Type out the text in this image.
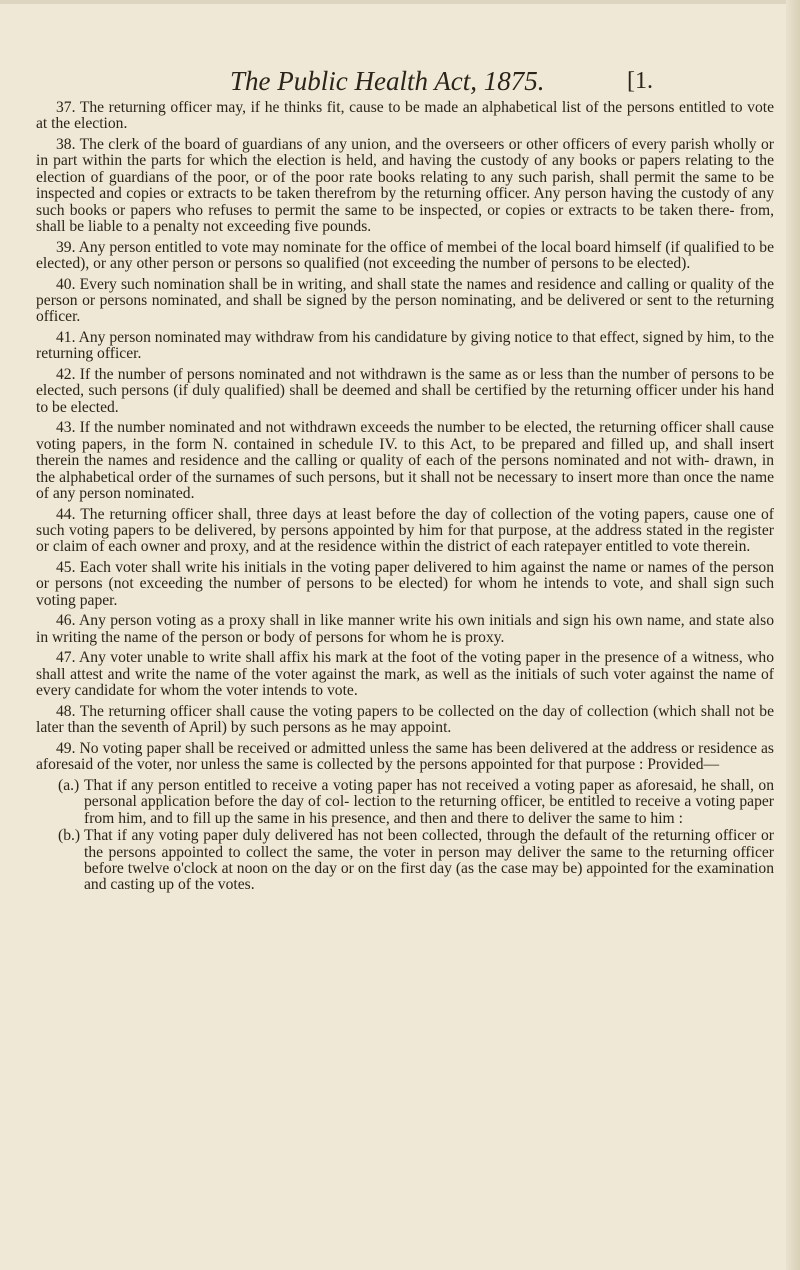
The Public Health Act, 1875.	[1.

37. The returning officer may, if he thinks fit, cause to be made an alphabetical list of the persons entitled to vote at the election.

38. The clerk of the board of guardians of any union, and the overseers or other officers of every parish wholly or in part within the parts for which the election is held, and having the custody of any books or papers relating to the election of guardians of the poor, or of the poor rate books relating to any such parish, shall permit the same to be inspected and copies or extracts to be taken therefrom by the returning officer. Any person having the custody of any such books or papers who refuses to permit the same to be inspected, or copies or extracts to be taken there- from, shall be liable to a penalty not exceeding five pounds.

39. Any person entitled to vote may nominate for the office of membei of the local board himself (if qualified to be elected), or any other person or persons so qualified (not exceeding the number of persons to be elected).

40. Every such nomination shall be in writing, and shall state the names and residence and calling or quality of the person or persons nominated, and shall be signed by the person nominating, and be delivered or sent to the returning officer.

41. Any person nominated may withdraw from his candidature by giving notice to that effect, signed by him, to the returning officer.

42. If the number of persons nominated and not withdrawn is the same as or less than the number of persons to be elected, such persons (if duly qualified) shall be deemed and shall be certified by the returning officer under his hand to be elected.

43. If the number nominated and not withdrawn exceeds the number to be elected, the returning officer shall cause voting papers, in the form N. contained in schedule IV. to this Act, to be prepared and filled up, and shall insert therein the names and residence and the calling or quality of each of the persons nominated and not with- drawn, in the alphabetical order of the surnames of such persons, but it shall not be necessary to insert more than once the name of any person nominated.

44. The returning officer shall, three days at least before the day of collection of the voting papers, cause one of such voting papers to be delivered, by persons appointed by him for that purpose, at the address stated in the register or claim of each owner and proxy, and at the residence within the district of each ratepayer entitled to vote therein.

45. Each voter shall write his initials in the voting paper delivered to him against the name or names of the person or persons (not exceeding the number of persons to be elected) for whom he intends to vote, and shall sign such voting paper.

46. Any person voting as a proxy shall in like manner write his own initials and sign his own name, and state also in writing the name of the person or body of persons for whom he is proxy.

47. Any voter unable to write shall affix his mark at the foot of the voting paper in the presence of a witness, who shall attest and write the name of the voter against the mark, as well as the initials of such voter against the name of every candidate for whom the voter intends to vote.

48. The returning officer shall cause the voting papers to be collected on the day of collection (which shall not be later than the seventh of April) by such persons as he may appoint.

49. No voting paper shall be received or admitted unless the same has been delivered at the address or residence as aforesaid of the voter, nor unless the same is collected by the persons appointed for that purpose : Provided—

(a.) That if any person entitled to receive a voting paper has not received a voting paper as aforesaid, he shall, on personal application before the day of col- lection to the returning officer, be entitled to receive a voting paper from him, and to fill up the same in his presence, and then and there to deliver the same to him :

(b.) That if any voting paper duly delivered has not been collected, through the default of the returning officer or the persons appointed to collect the same, the voter in person may deliver the same to the returning officer before twelve o'clock at noon on the day or on the first day (as the case may be) appointed for the examination and casting up of the votes.
